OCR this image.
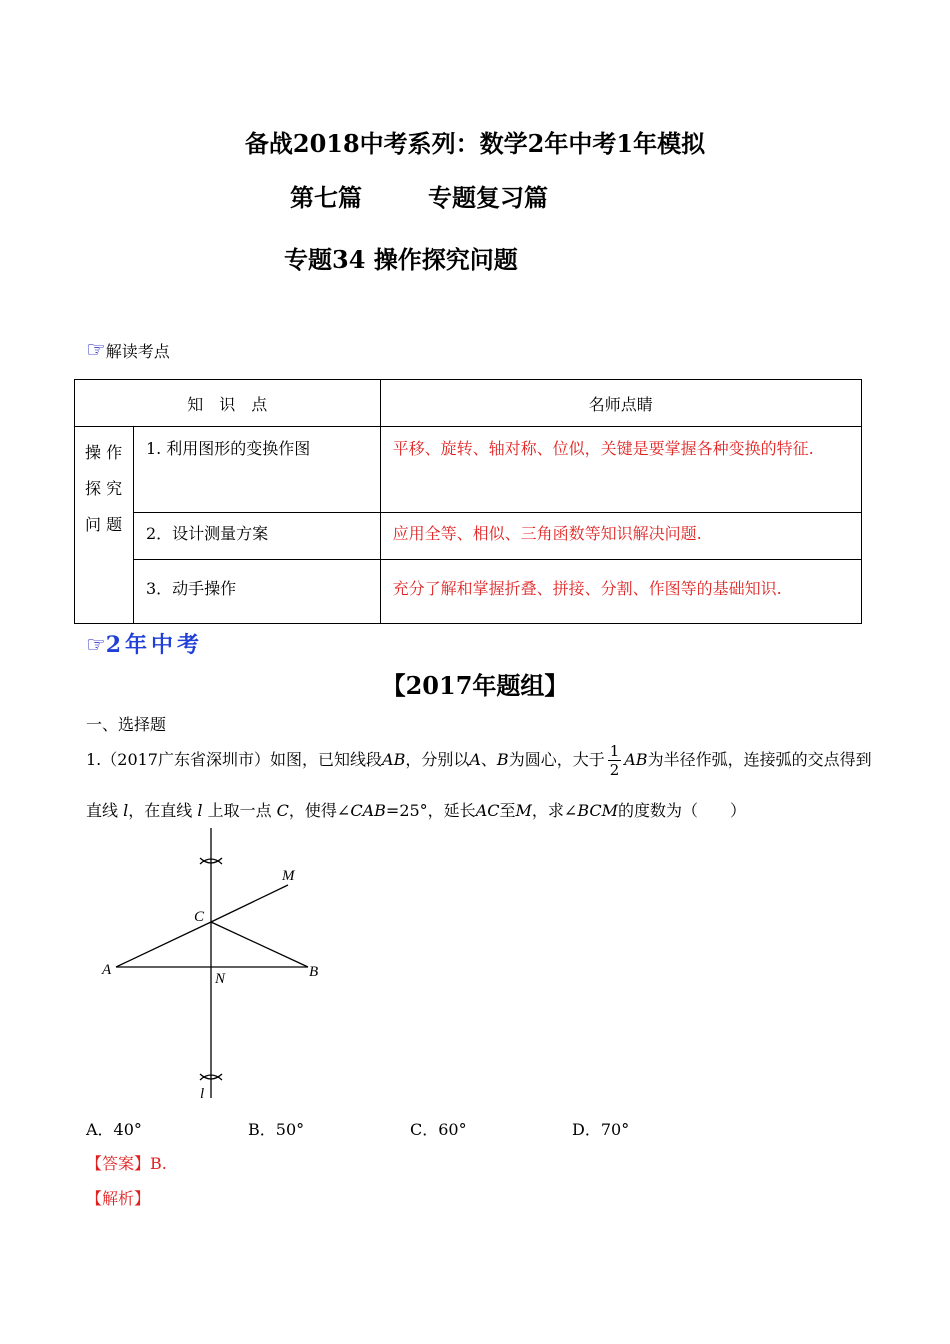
备战2018中考系列：数学2年中考1年模拟
第七篇	专题复习篇
专题34 操作探究问题
☞解读考点
知　识　点		名师点睛

操 作
探 究
问 题	1. 利用图形的变换作图	平移、旋转、轴对称、位似，关键是要掌握各种变换的特征.
	2．设计测量方案	应用全等、相似、三角函数等知识解决问题.
	3．动手操作	充分了解和掌握折叠、拼接、分割、作图等的基础知识.
☞2年中考
【2017年题组】
一、选择题
1.（2017广东省深圳市）如图，已知线段AB，分别以A、B为圆心，大于 $\frac{1}{2}$ AB为半径作弧，连接弧的交点得到
直线 l，在直线 l 上取一点 C，使得∠CAB=25°，延长AC至M，求∠BCM的度数为（　　）
M
C
A
N	B
l
A．40°	B．50°	C．60°	D．70°
【答案】B.
【解析】
